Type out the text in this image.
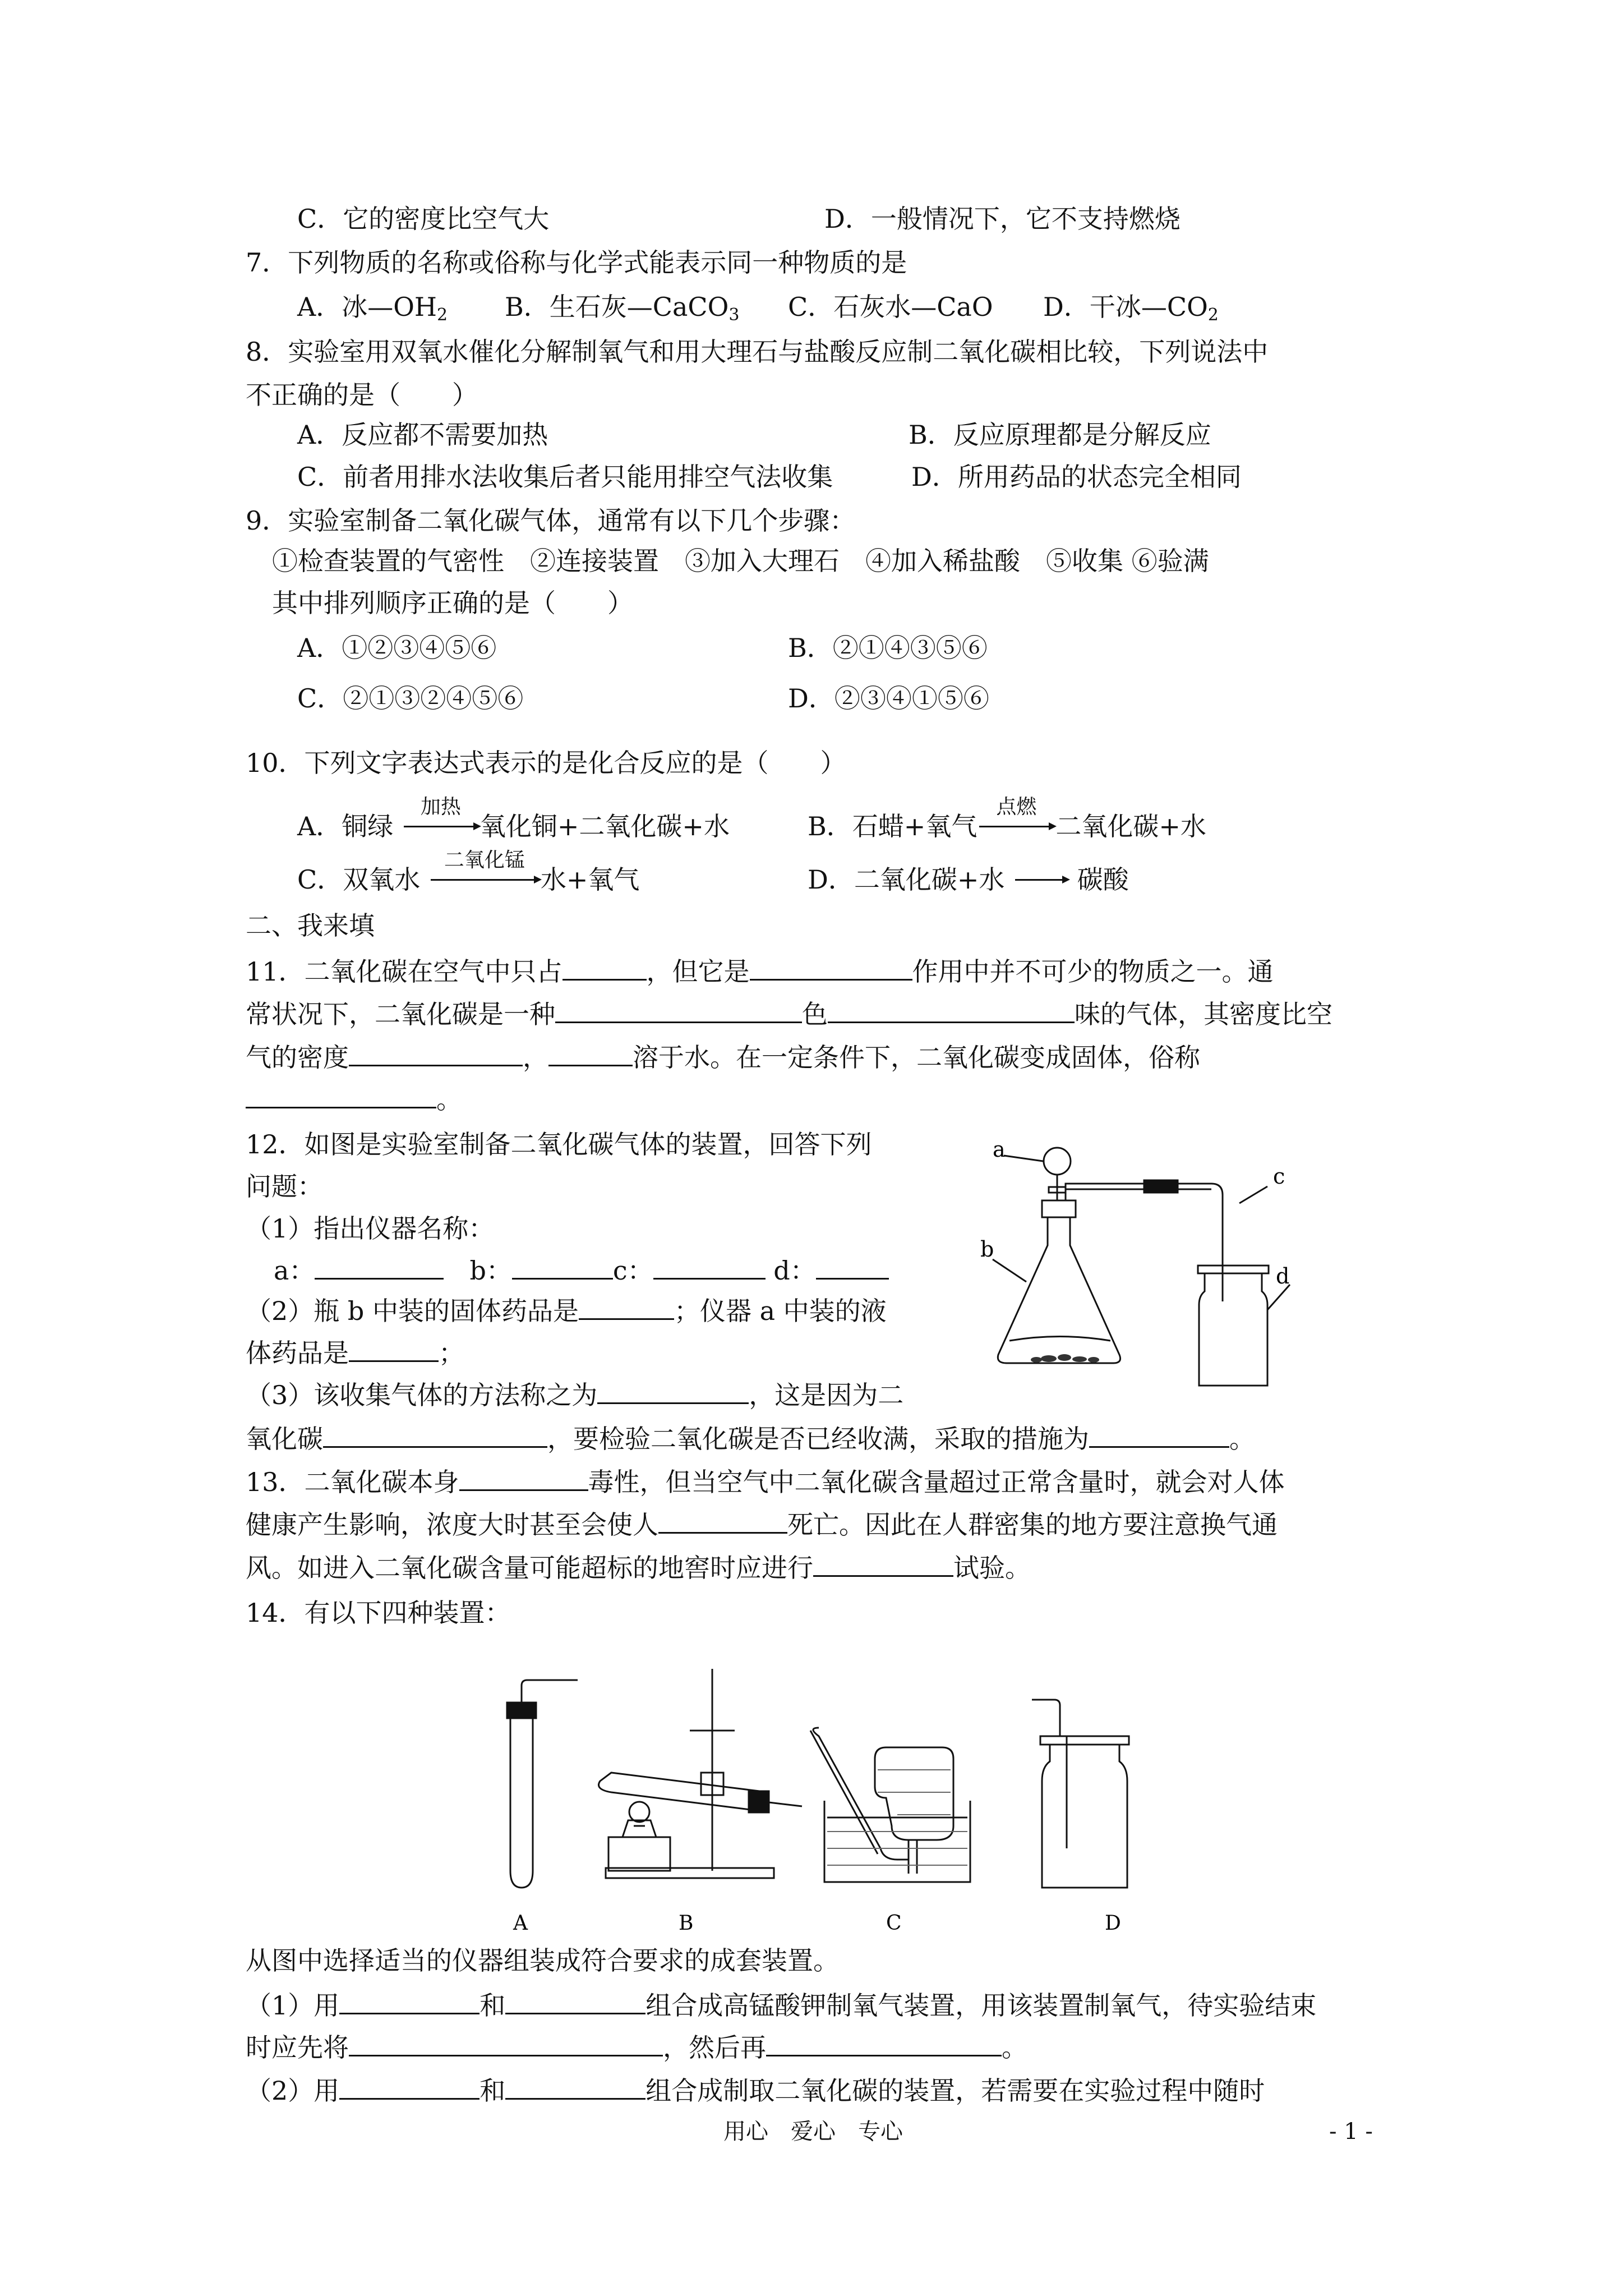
C．它的密度比空气大	D．一般情况下，它不支持燃烧
7．下列物质的名称或俗称与化学式能表示同一种物质的是
A．冰$—OH_2$ B．生石灰—CaCO$_3$ C．石灰水—CaO D．干冰$—CO_2$
8．实验室用双氧水催化分解制氧气和用大理石与盐酸反应制二氧化碳相比较，下列说法中
不正确的是（　　）
A．反应都不需要加热	B．反应原理都是分解反应
C．前者用排水法收集后者只能用排空气法收集	D．所用药品的状态完全相同
9．实验室制备二氧化碳气体，通常有以下几个步骤：
①检查装置的气密性　②连接装置　③加入大理石　④加入稀盐酸　⑤收集 ⑥验满
其中排列顺序正确的是（　　）
A．①②③④⑤⑥	B．②①④③⑤⑥
C．②①③②④⑤⑥	D．②③④①⑤⑥
10．下列文字表达式表示的是化合反应的是（　　）
A．铜绿
加热
氧化铜+二氧化碳+水	B．石蜡+氧气
点燃
二氧化碳+水
C．双氧水
二氧化锰
水+氧气	D．二氧化碳+水 → 碳酸
二、我来填
11．二氧化碳在空气中只占	，但它是	作用中并不可少的物质之一。通
常状况下，二氧化碳是一种	色	味的气体，其密度比空
气的密度	，	溶于水。在一定条件下，二氧化碳变成固体，俗称
。
12．如图是实验室制备二氧化碳气体的装置，回答下列
问题：
（1）指出仪器名称：
a：　	b：	c：	d：
（2）瓶 b 中装的固体药品是	；仪器 a 中装的液
体药品是	；
（3）该收集气体的方法称之为	，这是因为二
氧化碳	，要检验二氧化碳是否已经收满，采取的措施为	。
a
c
b
d
13．二氧化碳本身	毒性，但当空气中二氧化碳含量超过正常含量时，就会对人体
健康产生影响，浓度大时甚至会使人	死亡。因此在人群密集的地方要注意换气通
风。如进入二氧化碳含量可能超标的地窖时应进行	试验。
14．有以下四种装置：
A	B	C	D
从图中选择适当的仪器组装成符合要求的成套装置。
（1）用	和	组合成高锰酸钾制氧气装置，用该装置制氧气，待实验结束
时应先将	，然后再	。
（2）用	和	组合成制取二氧化碳的装置，若需要在实验过程中随时
用心　爱心　专心	- 1 -
